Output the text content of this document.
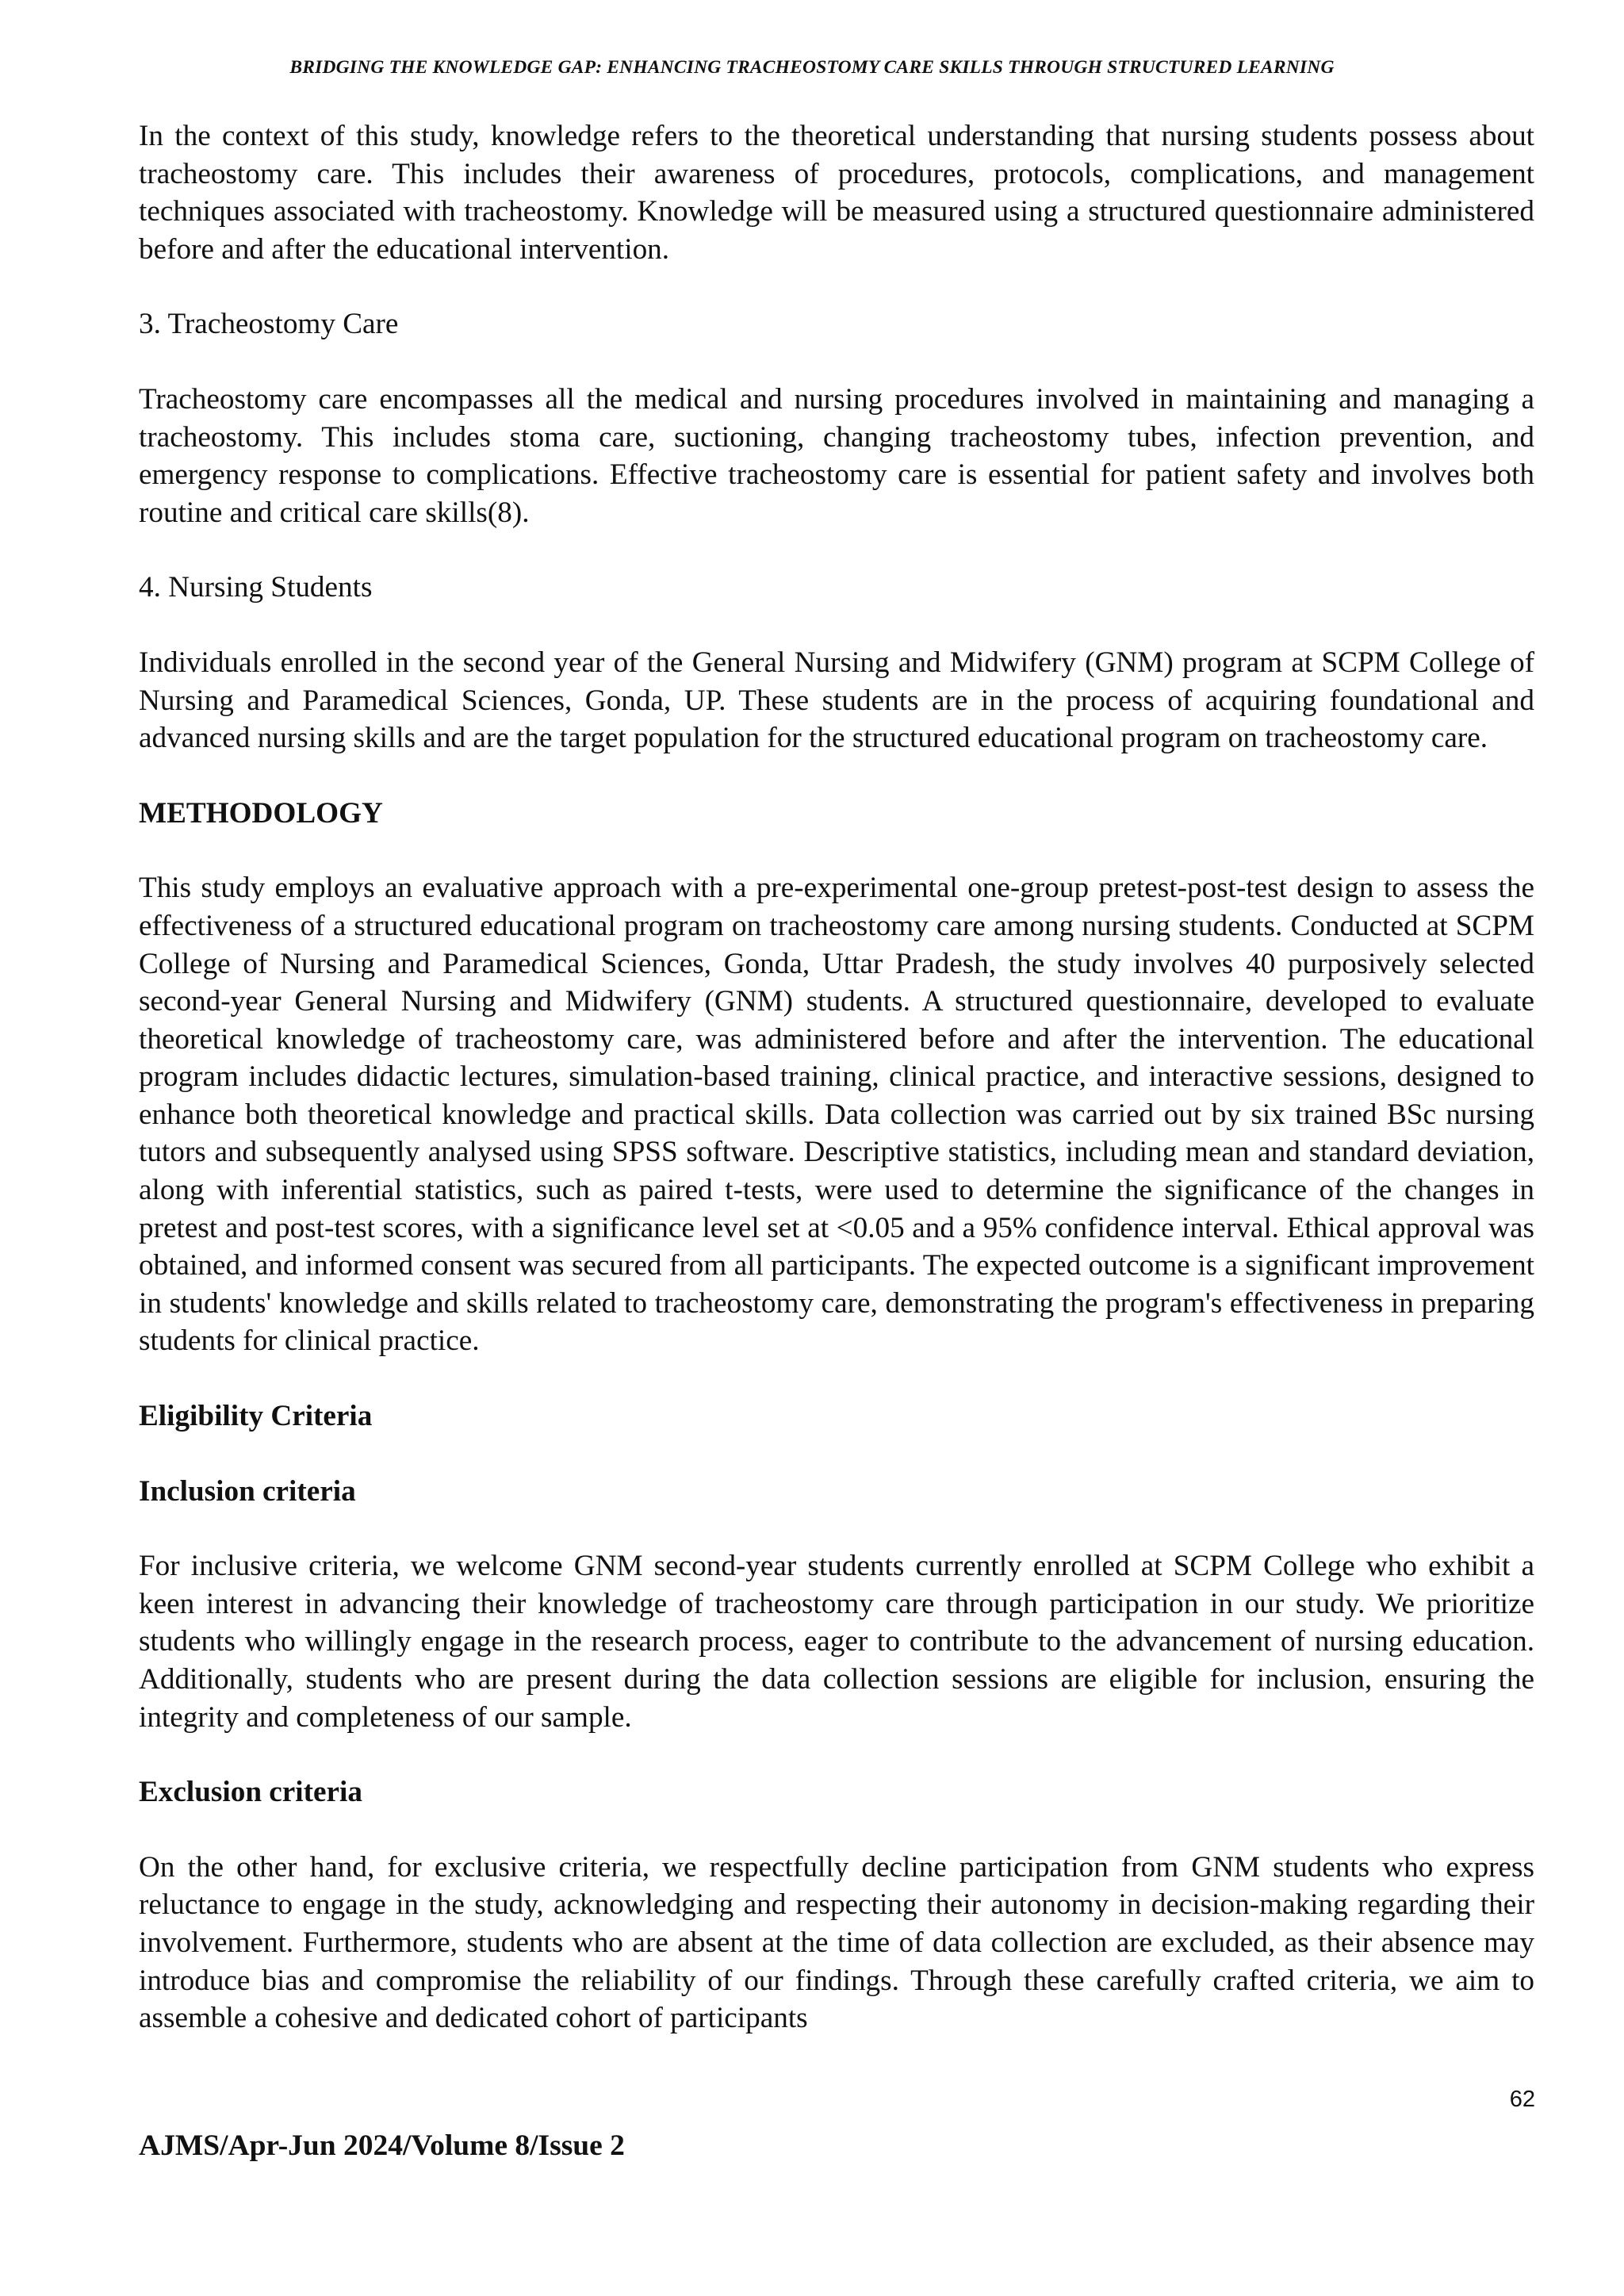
BRIDGING THE KNOWLEDGE GAP: ENHANCING TRACHEOSTOMY CARE SKILLS THROUGH STRUCTURED LEARNING

In the context of this study, knowledge refers to the theoretical understanding that nursing students possess about tracheostomy care. This includes their awareness of procedures, protocols, complications, and management techniques associated with tracheostomy. Knowledge will be measured using a structured questionnaire administered before and after the educational intervention.

3. Tracheostomy Care

Tracheostomy care encompasses all the medical and nursing procedures involved in maintaining and managing a tracheostomy. This includes stoma care, suctioning, changing tracheostomy tubes, infection prevention, and emergency response to complications. Effective tracheostomy care is essential for patient safety and involves both routine and critical care skills(8).

4. Nursing Students

Individuals enrolled in the second year of the General Nursing and Midwifery (GNM) program at SCPM College of Nursing and Paramedical Sciences, Gonda, UP. These students are in the process of acquiring foundational and advanced nursing skills and are the target population for the structured educational program on tracheostomy care.

METHODOLOGY

This study employs an evaluative approach with a pre-experimental one-group pretest-post-test design to assess the effectiveness of a structured educational program on tracheostomy care among nursing students. Conducted at SCPM College of Nursing and Paramedical Sciences, Gonda, Uttar Pradesh, the study involves 40 purposively selected second-year General Nursing and Midwifery (GNM) students. A structured questionnaire, developed to evaluate theoretical knowledge of tracheostomy care, was administered before and after the intervention. The educational program includes didactic lectures, simulation-based training, clinical practice, and interactive sessions, designed to enhance both theoretical knowledge and practical skills. Data collection was carried out by six trained BSc nursing tutors and subsequently analysed using SPSS software. Descriptive statistics, including mean and standard deviation, along with inferential statistics, such as paired t-tests, were used to determine the significance of the changes in pretest and post-test scores, with a significance level set at <0.05 and a 95% confidence interval. Ethical approval was obtained, and informed consent was secured from all participants. The expected outcome is a significant improvement in students' knowledge and skills related to tracheostomy care, demonstrating the program's effectiveness in preparing students for clinical practice.

Eligibility Criteria

Inclusion criteria

For inclusive criteria, we welcome GNM second-year students currently enrolled at SCPM College who exhibit a keen interest in advancing their knowledge of tracheostomy care through participation in our study. We prioritize students who willingly engage in the research process, eager to contribute to the advancement of nursing education. Additionally, students who are present during the data collection sessions are eligible for inclusion, ensuring the integrity and completeness of our sample.

Exclusion criteria

On the other hand, for exclusive criteria, we respectfully decline participation from GNM students who express reluctance to engage in the study, acknowledging and respecting their autonomy in decision-making regarding their involvement. Furthermore, students who are absent at the time of data collection are excluded, as their absence may introduce bias and compromise the reliability of our findings. Through these carefully crafted criteria, we aim to assemble a cohesive and dedicated cohort of participants

62
AJMS/Apr-Jun 2024/Volume 8/Issue 2
